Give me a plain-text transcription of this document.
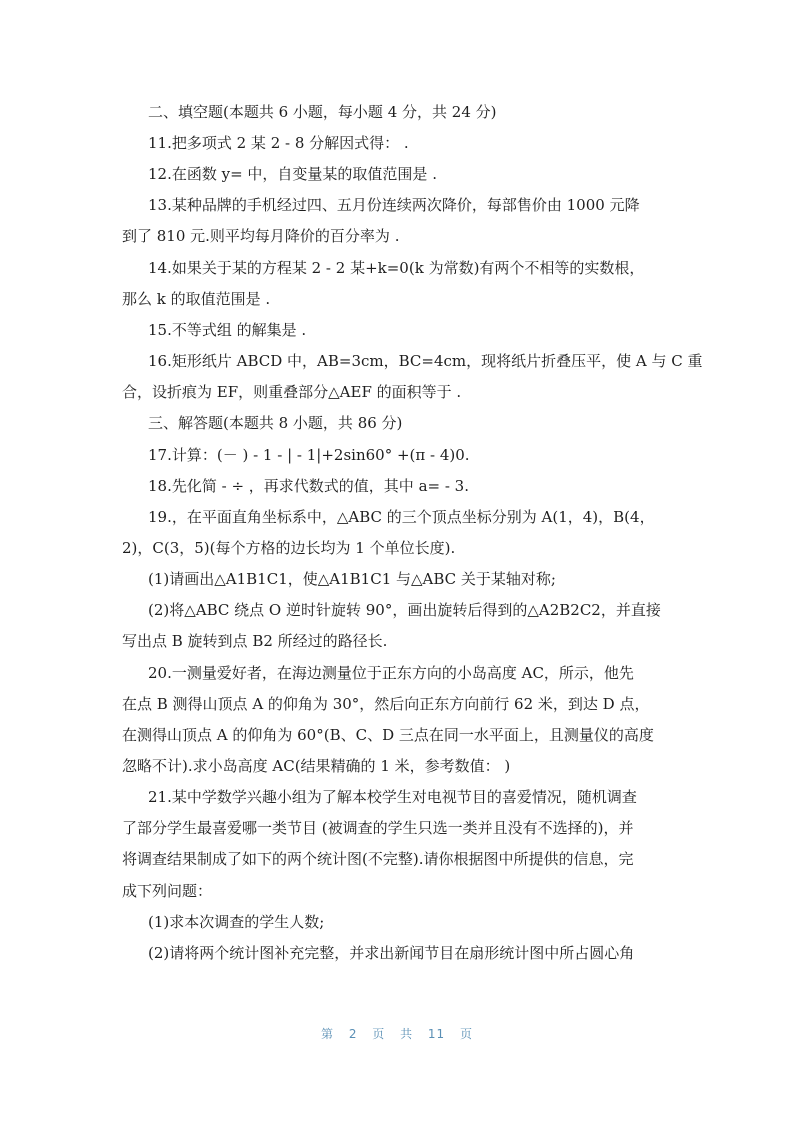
二、填空题(本题共 6 小题，每小题 4 分，共 24 分)

11.把多项式 2 某 2 - 8 分解因式得： .

12.在函数 y= 中，自变量某的取值范围是 .

13.某种品牌的手机经过四、五月份连续两次降价，每部售价由 1000 元降

到了 810 元.则平均每月降价的百分率为 .

14.如果关于某的方程某 2 - 2 某+k=0(k 为常数)有两个不相等的实数根，

那么 k 的取值范围是 .

15.不等式组 的解集是 .

16.矩形纸片 ABCD 中，AB=3cm，BC=4cm，现将纸片折叠压平，使 A 与 C 重

合，设折痕为 EF，则重叠部分△AEF 的面积等于 .

三、解答题(本题共 8 小题，共 86 分)

17.计算：(－ ) - 1 - | - 1|+2sin60° +(π - 4)0.

18.先化简 - ÷ ，再求代数式的值，其中 a= - 3.

19.，在平面直角坐标系中，△ABC 的三个顶点坐标分别为 A(1，4)，B(4，

2)，C(3，5)(每个方格的边长均为 1 个单位长度).

(1)请画出△A1B1C1，使△A1B1C1 与△ABC 关于某轴对称;

(2)将△ABC 绕点 O 逆时针旋转 90°，画出旋转后得到的△A2B2C2，并直接

写出点 B 旋转到点 B2 所经过的路径长.

20.一测量爱好者，在海边测量位于正东方向的小岛高度 AC，所示，他先

在点 B 测得山顶点 A 的仰角为 30°，然后向正东方向前行 62 米，到达 D 点，

在测得山顶点 A 的仰角为 60°(B、C、D 三点在同一水平面上，且测量仪的高度

忽略不计).求小岛高度 AC(结果精确的 1 米，参考数值： )

21.某中学数学兴趣小组为了解本校学生对电视节目的喜爱情况，随机调查

了部分学生最喜爱哪一类节目 (被调查的学生只选一类并且没有不选择的)，并

将调查结果制成了如下的两个统计图(不完整).请你根据图中所提供的信息，完

成下列问题：

(1)求本次调查的学生人数;

(2)请将两个统计图补充完整，并求出新闻节目在扇形统计图中所占圆心角

第 2 页 共 11 页
